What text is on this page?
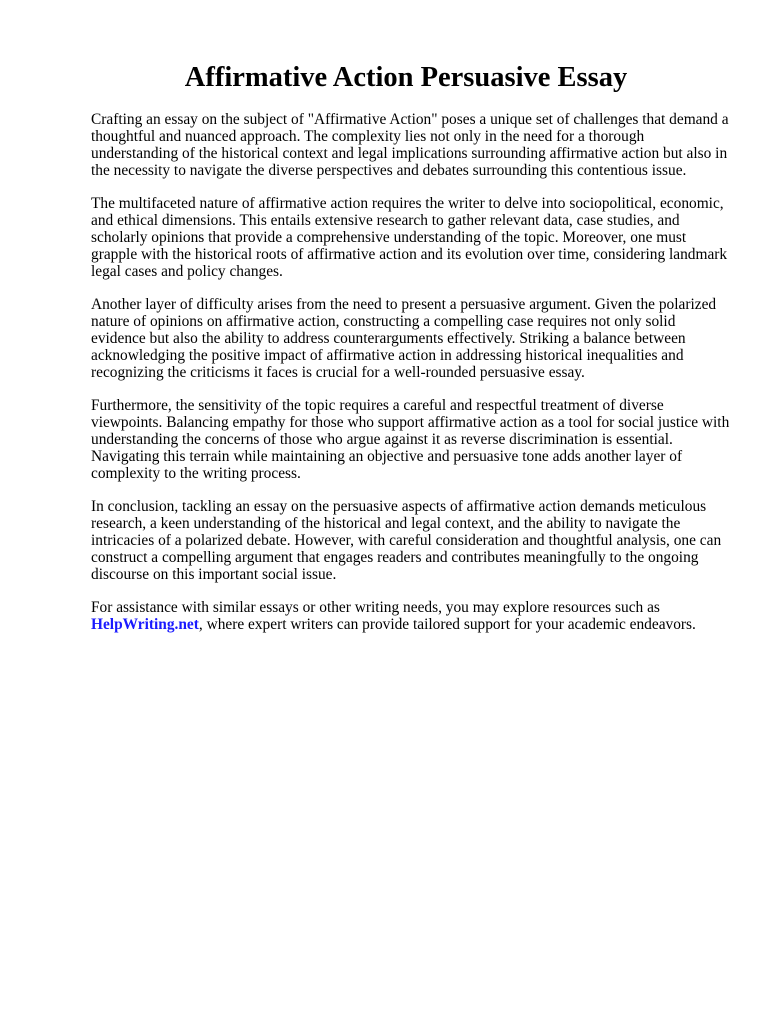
Affirmative Action Persuasive Essay

Crafting an essay on the subject of "Affirmative Action" poses a unique set of challenges that demand a thoughtful and nuanced approach. The complexity lies not only in the need for a thorough understanding of the historical context and legal implications surrounding affirmative action but also in the necessity to navigate the diverse perspectives and debates surrounding this contentious issue.

The multifaceted nature of affirmative action requires the writer to delve into sociopolitical, economic, and ethical dimensions. This entails extensive research to gather relevant data, case studies, and scholarly opinions that provide a comprehensive understanding of the topic. Moreover, one must grapple with the historical roots of affirmative action and its evolution over time, considering landmark legal cases and policy changes.

Another layer of difficulty arises from the need to present a persuasive argument. Given the polarized nature of opinions on affirmative action, constructing a compelling case requires not only solid evidence but also the ability to address counterarguments effectively. Striking a balance between acknowledging the positive impact of affirmative action in addressing historical inequalities and recognizing the criticisms it faces is crucial for a well-rounded persuasive essay.

Furthermore, the sensitivity of the topic requires a careful and respectful treatment of diverse viewpoints. Balancing empathy for those who support affirmative action as a tool for social justice with understanding the concerns of those who argue against it as reverse discrimination is essential. Navigating this terrain while maintaining an objective and persuasive tone adds another layer of complexity to the writing process.

In conclusion, tackling an essay on the persuasive aspects of affirmative action demands meticulous research, a keen understanding of the historical and legal context, and the ability to navigate the intricacies of a polarized debate. However, with careful consideration and thoughtful analysis, one can construct a compelling argument that engages readers and contributes meaningfully to the ongoing discourse on this important social issue.

For assistance with similar essays or other writing needs, you may explore resources such as HelpWriting.net, where expert writers can provide tailored support for your academic endeavors.
